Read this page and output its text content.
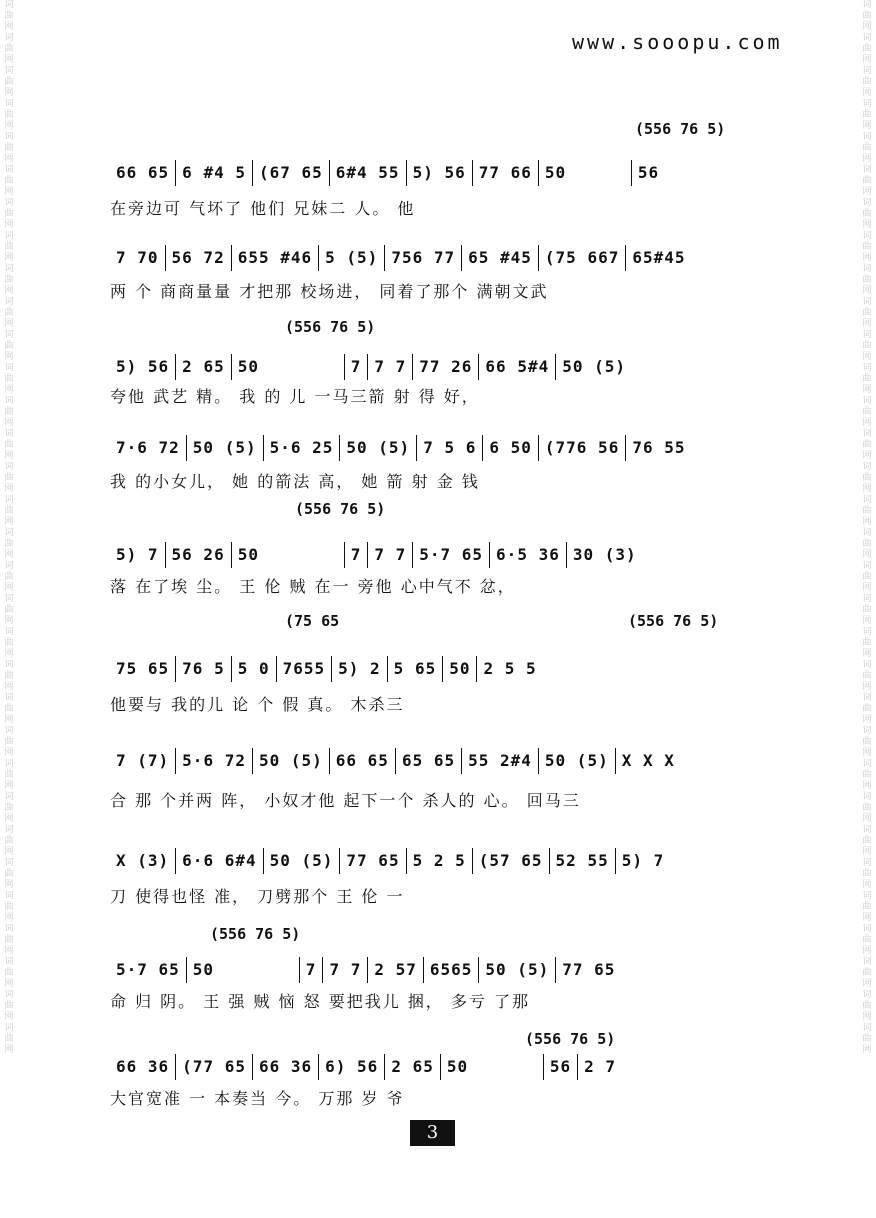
词曲网词曲网词曲网词曲网词曲网词曲网词曲网词曲网词曲网词曲网词曲网词曲网词曲网词曲网词曲网词曲网词曲网词曲网词曲网词曲网词曲网词曲网词曲网词曲网词曲网词曲网词曲网词曲网词曲网词曲网词曲网词曲网
词曲网词曲网词曲网词曲网词曲网词曲网词曲网词曲网词曲网词曲网词曲网词曲网词曲网词曲网词曲网词曲网词曲网词曲网词曲网词曲网词曲网词曲网词曲网词曲网词曲网词曲网词曲网词曲网词曲网词曲网词曲网词曲网
www.sooopu.com
(556 76 5)
66 65 6 #4 5 (67 65 6#4 55 5) 56 77 66 50	56
在旁边可 气坏了 他们 兄妹二 人。 他
7 70 56 72 655 #46 5 (5) 756 77 65 #45 (75 667 65#45
两 个 商商量量 才把那 校场进， 同着了那个 满朝文武
(556 76 5)
5) 56 2 65 50	7 7 7 77 26 66 5#4 50 (5)
夸他 武艺 精。 我 的 儿 一马三箭 射 得 好，
7·6 72 50 (5) 5·6 25 50 (5) 7 5 6 6 50 (776 56 76 55
我 的小女儿， 她 的箭法 高， 她 箭 射 金 钱
(556 76 5)
5) 7 56 26 50	7 7 7 5·7 65 6·5 36 30 (3)
落 在了埃 尘。 王 伦 贼 在一 旁他 心中气不 忿，
(75 65	(556 76 5)
75 65 76 5 5 0 7655 5) 2 5 65 50 2 5 5
他要与 我的儿 论 个 假 真。 木杀三
7 (7) 5·6 72 50 (5) 66 65 65 65 55 2#4 50 (5) X X X
合 那 个并两 阵， 小奴才他 起下一个 杀人的 心。 回马三
X (3) 6·6 6#4 50 (5) 77 65 5 2 5 (57 65 52 55 5) 7
刀 使得也怪 准， 刀劈那个 王 伦 一
(556 76 5)
5·7 65 50	7 7 7 2 57 6565 50 (5) 77 65
命 归 阴。 王 强 贼 恼 怒 要把我儿 捆， 多亏 了那
(556 76 5)
66 36 (77 65 66 36 6) 56 2 65 50	56 2 7
大官宽准 一 本奏当 今。 万那 岁 爷
3
